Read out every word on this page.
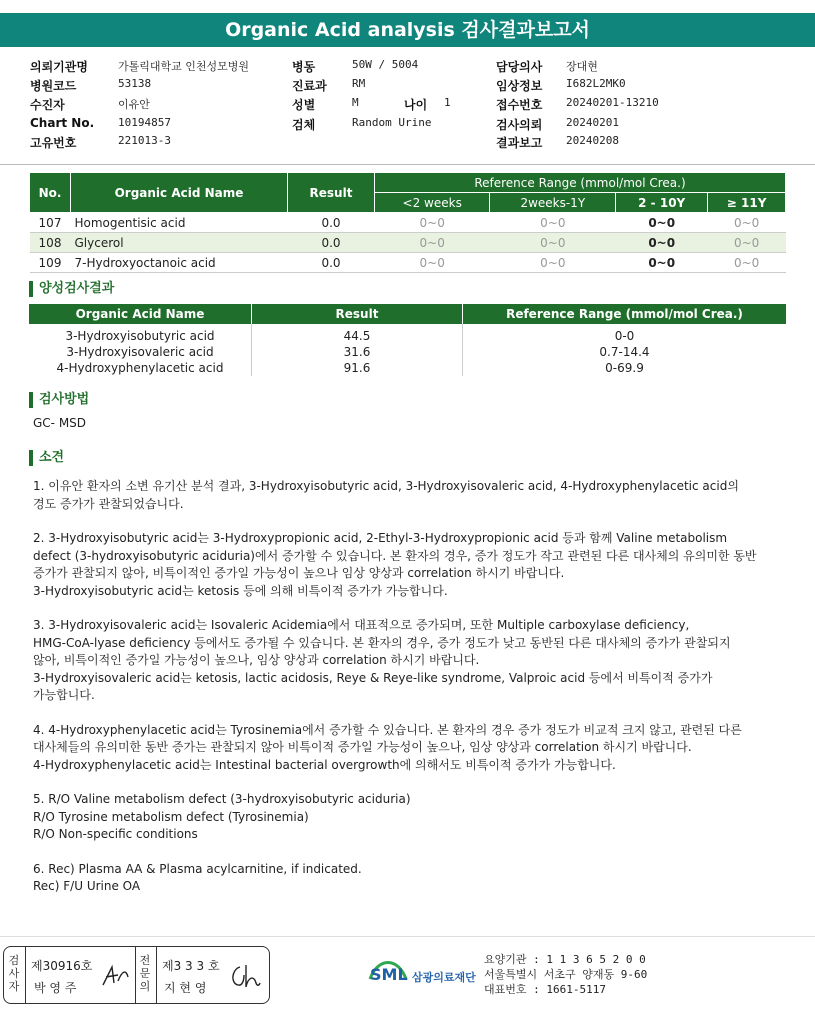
Organic Acid analysis 검사결과보고서
의뢰기관명	가톨릭대학교 인천성모병원
병원코드	53138
수진자	이유안
Chart No. 10194857
고유번호	221013-3
병동	50W / 5004
진료과 RM
성별	M	나이 1
검체	Random Urine
담당의사 장대현
임상정보 I682L2MK0
접수번호 20240201-13210
검사의뢰 20240201
결과보고 20240208
No.	Organic Acid Name	Result	Reference Range (mmol/mol Crea.)			
			<2 weeks	2weeks-1Y	2 - 10Y	≥ 11Y
107	Homogentisic acid	0.0	0~0	0~0	0~0	0~0
108	Glycerol	0.0	0~0	0~0	0~0	0~0
109	7-Hydroxyoctanoic acid	0.0	0~0	0~0	0~0	0~0
양성검사결과
Organic Acid Name	Result	Reference Range (mmol/mol Crea.)
3-Hydroxyisobutyric acid	44.5	0-0
3-Hydroxyisovaleric acid	31.6	0.7-14.4
4-Hydroxyphenylacetic acid	91.6	0-69.9
검사방법
GC- MSD
소견

1. 이유안 환자의 소변 유기산 분석 결과, 3-Hydroxyisobutyric acid, 3-Hydroxyisovaleric acid, 4-Hydroxyphenylacetic acid의
경도 증가가 관찰되었습니다.

2. 3-Hydroxyisobutyric acid는 3-Hydroxypropionic acid, 2-Ethyl-3-Hydroxypropionic acid 등과 함께 Valine metabolism
defect (3-hydroxyisobutyric aciduria)에서 증가할 수 있습니다. 본 환자의 경우, 증가 정도가 작고 관련된 다른 대사체의 유의미한 동반
증가가 관찰되지 않아, 비특이적인 증가일 가능성이 높으나 임상 양상과 correlation 하시기 바랍니다.
3-Hydroxyisobutyric acid는 ketosis 등에 의해 비특이적 증가가 가능합니다.

3. 3-Hydroxyisovaleric acid는 Isovaleric Acidemia에서 대표적으로 증가되며, 또한 Multiple carboxylase deficiency,
HMG-CoA-lyase deficiency 등에서도 증가될 수 있습니다. 본 환자의 경우, 증가 정도가 낮고 동반된 다른 대사체의 증가가 관찰되지
않아, 비특이적인 증가일 가능성이 높으나, 임상 양상과 correlation 하시기 바랍니다.
3-Hydroxyisovaleric acid는 ketosis, lactic acidosis, Reye & Reye-like syndrome, Valproic acid 등에서 비특이적 증가가
가능합니다.

4. 4-Hydroxyphenylacetic acid는 Tyrosinemia에서 증가할 수 있습니다. 본 환자의 경우 증가 정도가 비교적 크지 않고, 관련된 다른
대사체들의 유의미한 동반 증가는 관찰되지 않아 비특이적 증가일 가능성이 높으나, 임상 양상과 correlation 하시기 바랍니다.
4-Hydroxyphenylacetic acid는 Intestinal bacterial overgrowth에 의해서도 비특이적 증가가 가능합니다.

5. R/O Valine metabolism defect (3-hydroxyisobutyric aciduria)
R/O Tyrosine metabolism defect (Tyrosinemia)
R/O Non-specific conditions

6. Rec) Plasma AA & Plasma acylcarnitine, if indicated.
Rec) F/U Urine OA

검사자
제30916호
박 영 주
전문의
제3 3 3 호
지 현 영
SML 삼광의료재단
요양기관 : 1 1 3 6 5 2 0 0
서울특별시 서초구 양재동 9-60
대표번호 : 1661-5117
